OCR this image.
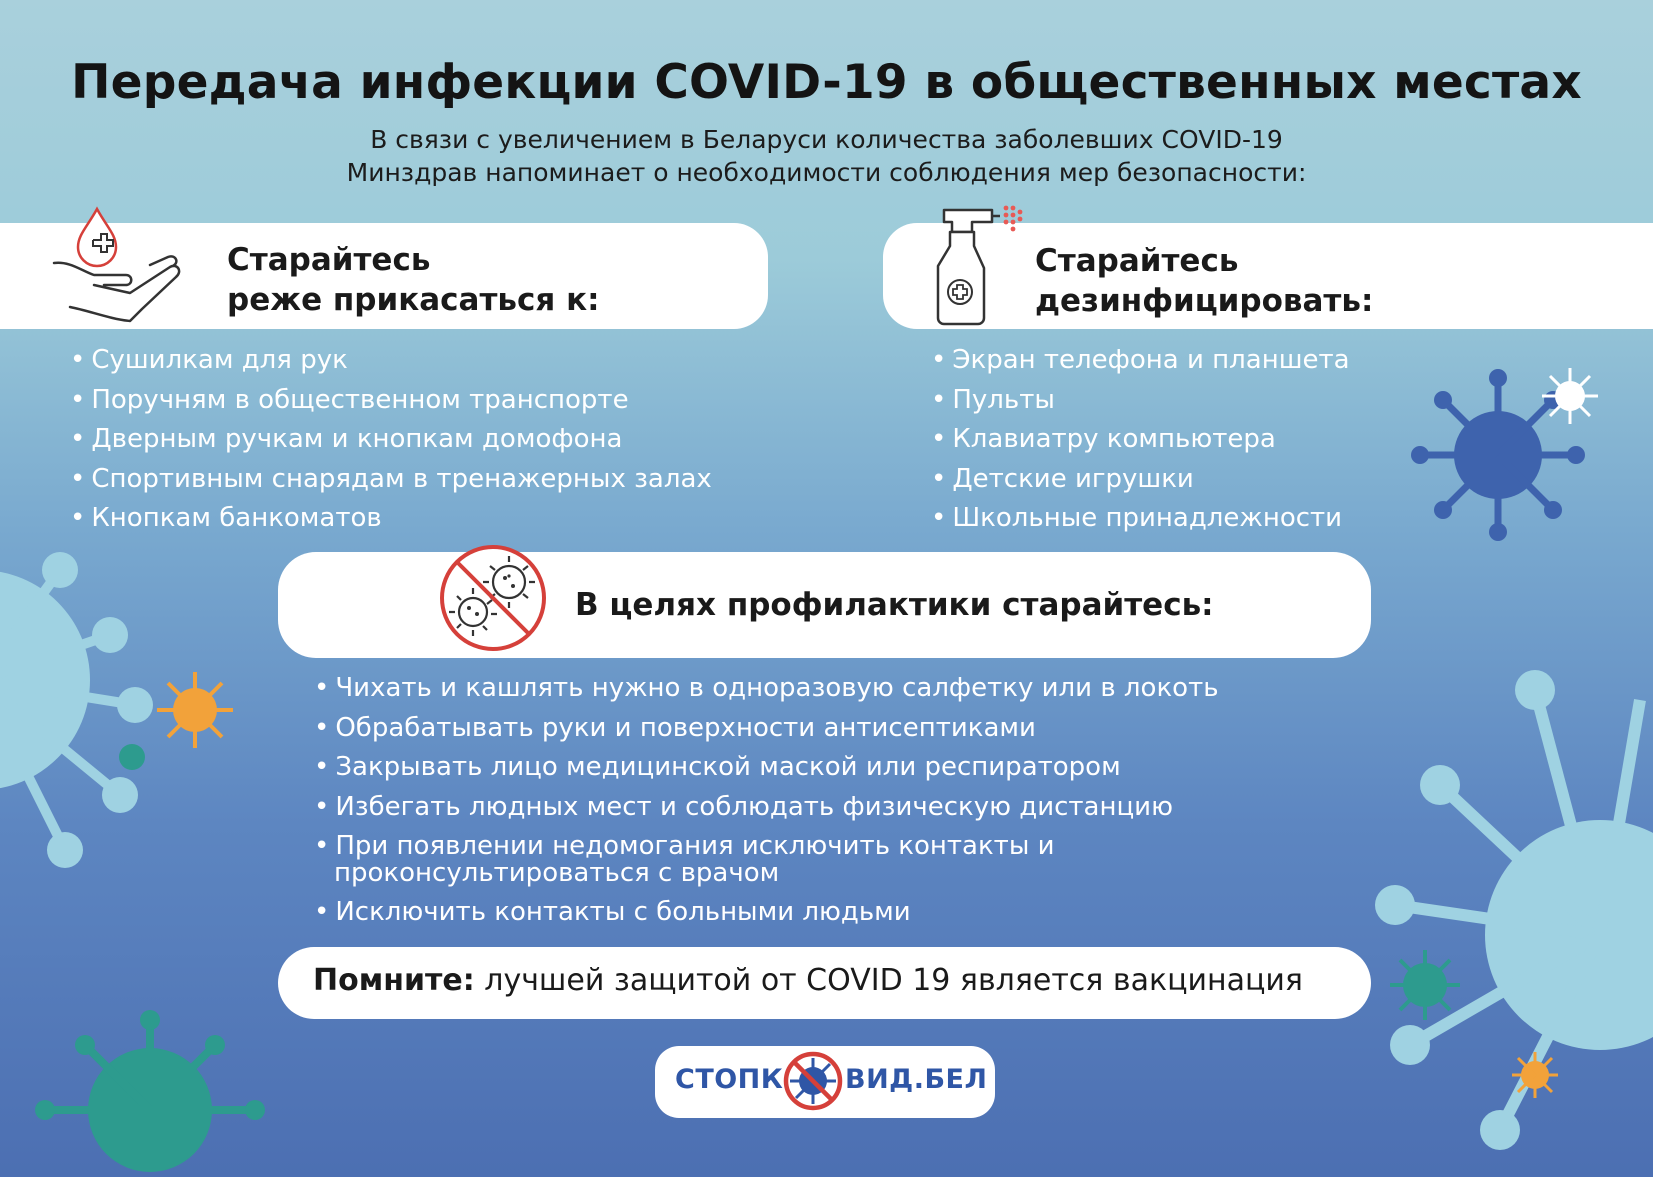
Передача инфекции COVID-19 в общественных местах
В связи с увеличением в Беларуси количества заболевших COVID-19
Минздрав напоминает о необходимости соблюдения мер безопасности:
Старайтесь
реже прикасаться к:
• Сушилкам для рук
• Поручням в общественном транспорте
• Дверным ручкам и кнопкам домофона
• Спортивным снарядам в тренажерных залах
• Кнопкам банкоматов
Старайтесь
дезинфицировать:
• Экран телефона и планшета
• Пульты
• Клавиатру компьютера
• Детские игрушки
• Школьные принадлежности
В целях профилактики старайтесь:
• Чихать и кашлять нужно в одноразовую салфетку или в локоть
• Обрабатывать руки и поверхности антисептиками
• Закрывать лицо медицинской маской или респиратором
• Избегать людных мест и соблюдать физическую дистанцию
• При появлении недомогания исключить контакты и проконсультироваться с врачом
• Исключить контакты с больными людьми
Помните: лучшей защитой от COVID 19 является вакцинация
СТОПК ВИД.БЕЛ
